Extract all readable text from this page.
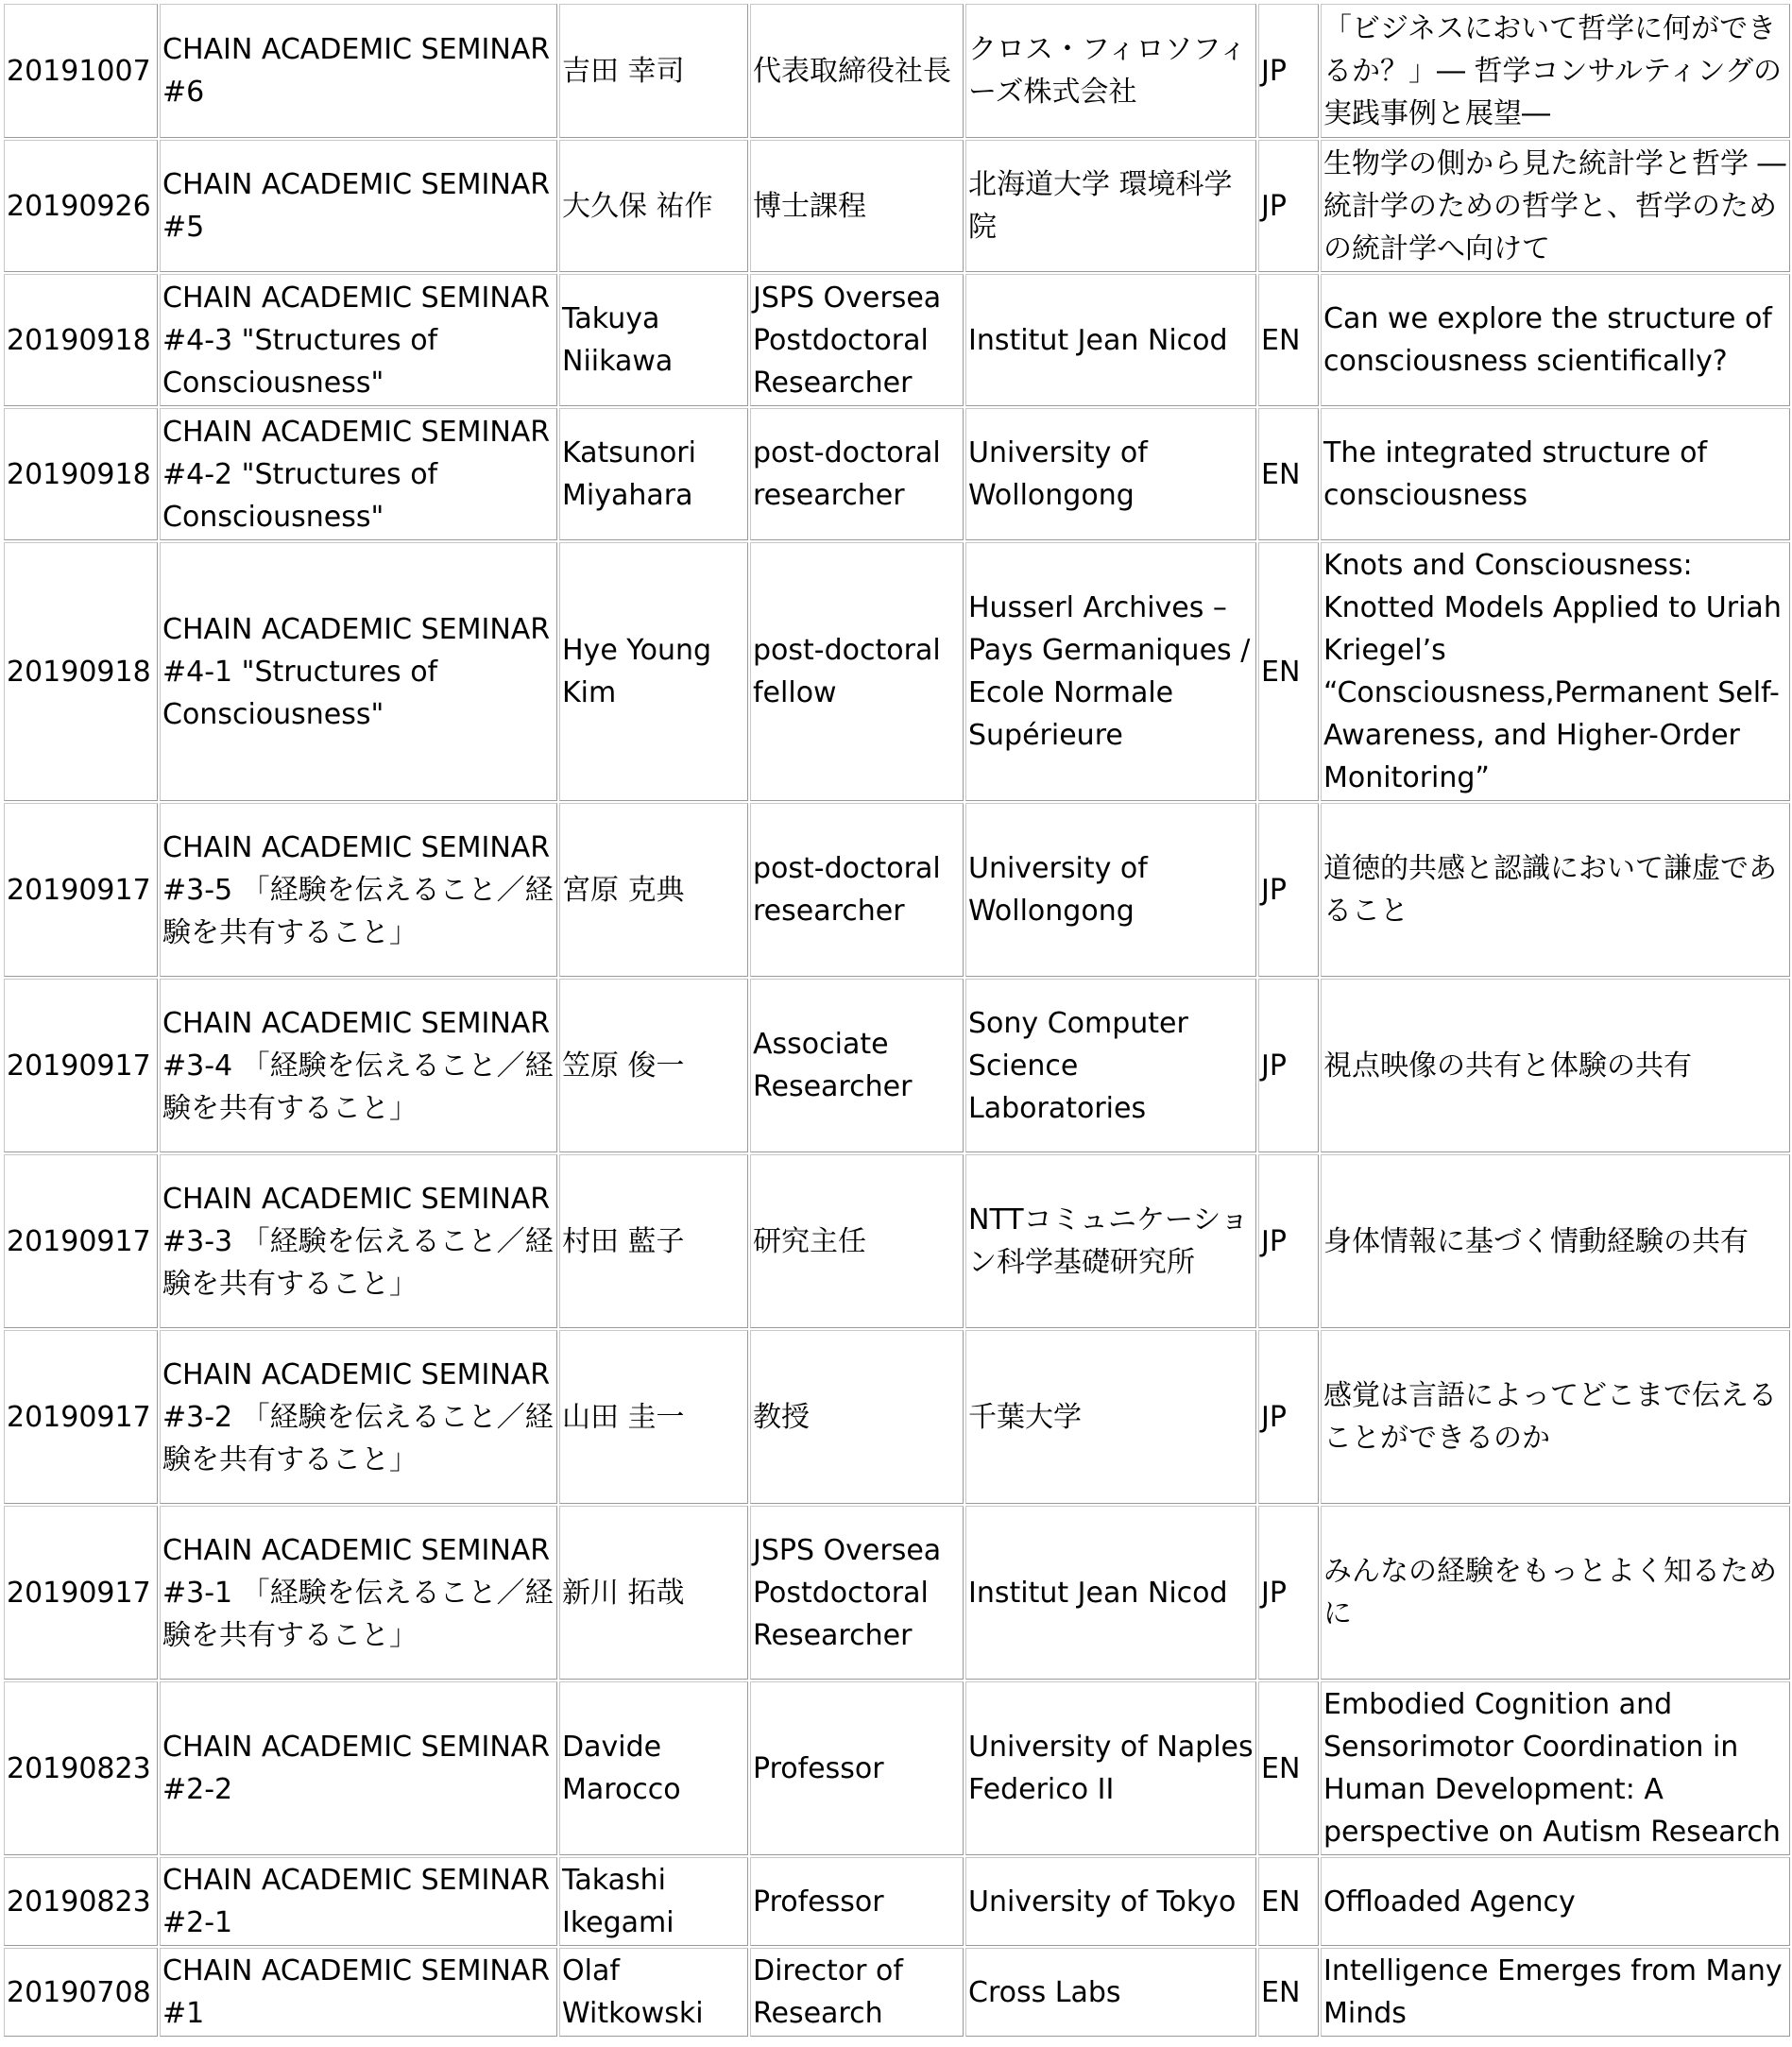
20191007	CHAIN ACADEMIC SEMINAR #6	吉田 幸司	代表取締役社長	クロス・フィロソフィーズ株式会社	JP	「ビジネスにおいて哲学に何ができるか？」― 哲学コンサルティングの実践事例と展望―	
20190926	CHAIN ACADEMIC SEMINAR #5	大久保 祐作	博士課程	北海道大学 環境科学院	JP	生物学の側から見た統計学と哲学 ― 統計学のための哲学と、哲学のための統計学へ向けて	
20190918	CHAIN ACADEMIC SEMINAR #4-3 "Structures of Consciousness"	Takuya Niikawa	JSPS Oversea Postdoctoral Researcher	Institut Jean Nicod	EN	Can we explore the structure of consciousness scientifically?	
20190918	CHAIN ACADEMIC SEMINAR #4-2 "Structures of Consciousness"	Katsunori Miyahara	post-doctoral researcher	University of Wollongong	EN	The integrated structure of consciousness	
20190918	CHAIN ACADEMIC SEMINAR #4-1 "Structures of Consciousness"	Hye Young Kim	post-doctoral fellow	Husserl Archives – Pays Germaniques / Ecole Normale Supérieure	EN	Knots and Consciousness: Knotted Models Applied to Uriah Kriegel’s “Consciousness,Permanent Self-Awareness, and Higher-Order Monitoring”	
20190917	CHAIN ACADEMIC SEMINAR #3-5 「経験を伝えること／経験を共有すること」	宮原 克典	post-doctoral researcher	University of Wollongong	JP	道徳的共感と認識において謙虚であること	
20190917	CHAIN ACADEMIC SEMINAR #3-4 「経験を伝えること／経験を共有すること」	笠原 俊一	Associate Researcher	Sony Computer Science Laboratories	JP	視点映像の共有と体験の共有	
20190917	CHAIN ACADEMIC SEMINAR #3-3 「経験を伝えること／経験を共有すること」	村田 藍子	研究主任	NTTコミュニケーション科学基礎研究所	JP	身体情報に基づく情動経験の共有	
20190917	CHAIN ACADEMIC SEMINAR #3-2 「経験を伝えること／経験を共有すること」	山田 圭一	教授	千葉大学	JP	感覚は言語によってどこまで伝えることができるのか	
20190917	CHAIN ACADEMIC SEMINAR #3-1 「経験を伝えること／経験を共有すること」	新川 拓哉	JSPS Oversea Postdoctoral Researcher	Institut Jean Nicod	JP	みんなの経験をもっとよく知るために	
20190823	CHAIN ACADEMIC SEMINAR #2-2	Davide Marocco	Professor	University of Naples Federico II	EN	Embodied Cognition and Sensorimotor Coordination in Human Development: A perspective on Autism Research	
20190823	CHAIN ACADEMIC SEMINAR #2-1	Takashi Ikegami	Professor	University of Tokyo	EN	Offloaded Agency	
20190708	CHAIN ACADEMIC SEMINAR #1	Olaf Witkowski	Director of Research	Cross Labs	EN	Intelligence Emerges from Many Minds	
